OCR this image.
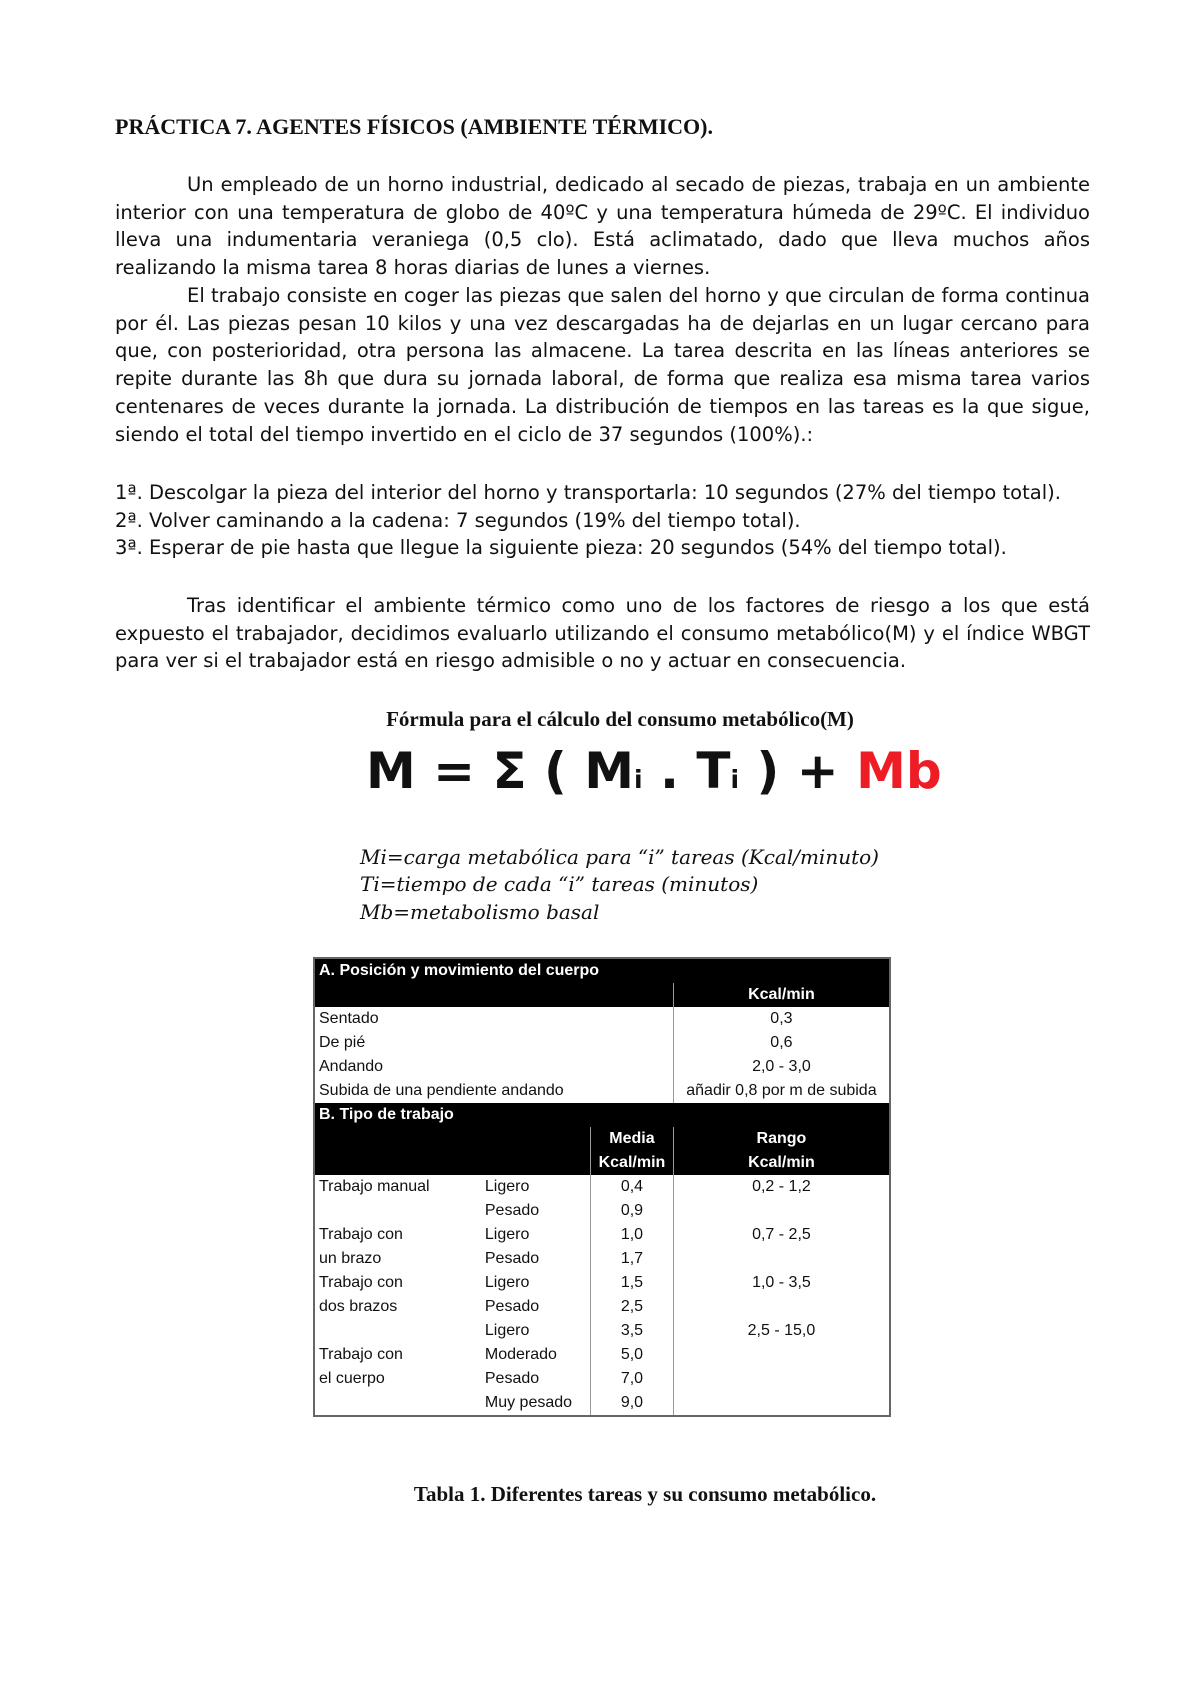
PRÁCTICA 7. AGENTES FÍSICOS (AMBIENTE TÉRMICO).

Un empleado de un horno industrial, dedicado al secado de piezas, trabaja en un ambiente interior con una temperatura de globo de 40ºC y una temperatura húmeda de 29ºC. El individuo lleva una indumentaria veraniega (0,5 clo). Está aclimatado, dado que lleva muchos años realizando la misma tarea 8 horas diarias de lunes a viernes.

El trabajo consiste en coger las piezas que salen del horno y que circulan de forma continua por él. Las piezas pesan 10 kilos y una vez descargadas ha de dejarlas en un lugar cercano para que, con posterioridad, otra persona las almacene. La tarea descrita en las líneas anteriores se repite durante las 8h que dura su jornada laboral, de forma que realiza esa misma tarea varios centenares de veces durante la jornada. La distribución de tiempos en las tareas es la que sigue, siendo el total del tiempo invertido en el ciclo de 37 segundos (100%).:

1ª. Descolgar la pieza del interior del horno y transportarla: 10 segundos (27% del tiempo total).

2ª. Volver caminando a la cadena: 7 segundos (19% del tiempo total).

3ª. Esperar de pie hasta que llegue la siguiente pieza: 20 segundos (54% del tiempo total).

Tras identificar el ambiente térmico como uno de los factores de riesgo a los que está expuesto el trabajador, decidimos evaluarlo utilizando el consumo metabólico(M) y el índice WBGT para ver si el trabajador está en riesgo admisible o no y actuar en consecuencia.

Fórmula para el cálculo del consumo metabólico(M)

M = Σ ( Mi . Ti ) + Mb

Mi=carga metabólica para “i” tareas (Kcal/minuto)

Ti=tiempo de cada “i” tareas (minutos)

Mb=metabolismo basal

A. Posición y movimiento del cuerpo			
			Kcal/min
Sentado			0,3
De pié			0,6
Andando			2,0 - 3,0
Subida de una pendiente andando			añadir 0,8 por m de subida
B. Tipo de trabajo			
		Media	Rango
		Kcal/min	Kcal/min
Trabajo manual	Ligero	0,4	0,2 - 1,2
	Pesado	0,9	
Trabajo con	Ligero	1,0	0,7 - 2,5
un brazo	Pesado	1,7	
Trabajo con	Ligero	1,5	1,0 - 3,5
dos brazos	Pesado	2,5	
	Ligero	3,5	2,5 - 15,0
Trabajo con	Moderado	5,0	
el cuerpo	Pesado	7,0	
	Muy pesado	9,0	

Tabla 1. Diferentes tareas y su consumo metabólico.
